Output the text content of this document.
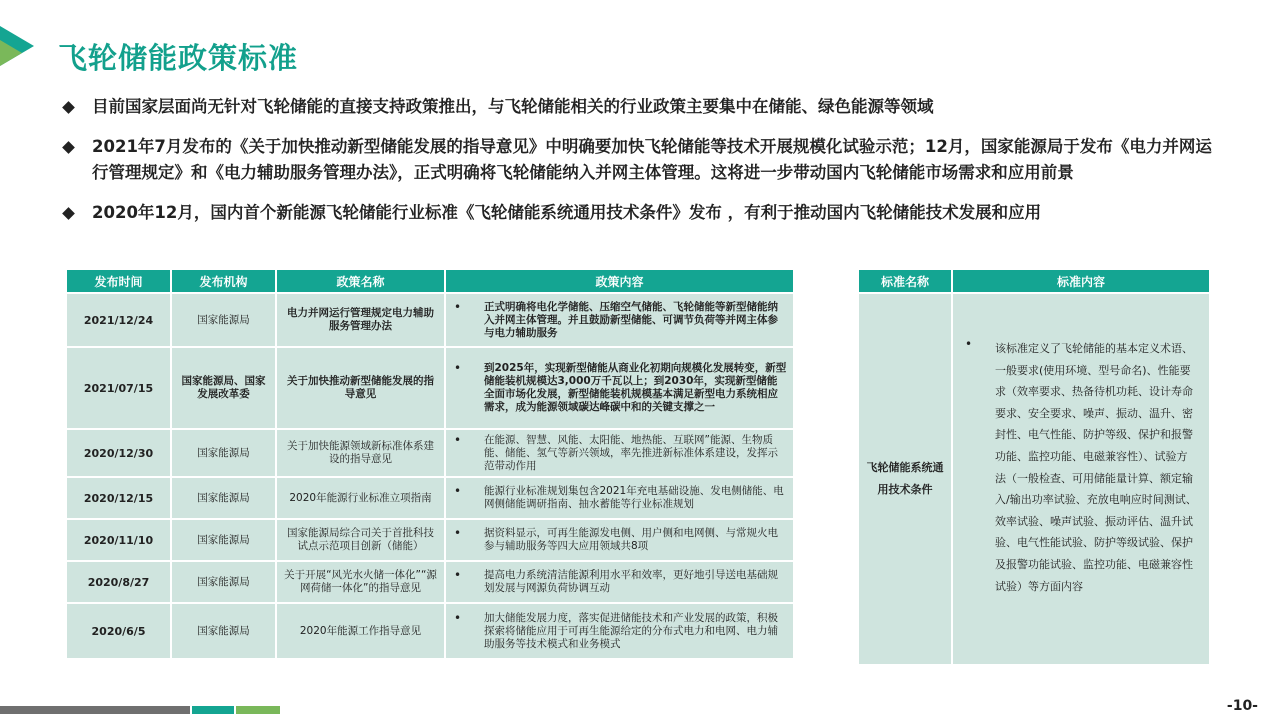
飞轮储能政策标准
目前国家层面尚无针对飞轮储能的直接支持政策推出，与飞轮储能相关的行业政策主要集中在储能、绿色能源等领域
2021年7月发布的《关于加快推动新型储能发展的指导意见》中明确要加快飞轮储能等技术开展规模化试验示范；12月，国家能源局于发布《电力并网运行管理规定》和《电力辅助服务管理办法》，正式明确将飞轮储能纳入并网主体管理。这将进一步带动国内飞轮储能市场需求和应用前景
2020年12月，国内首个新能源飞轮储能行业标准《飞轮储能系统通用技术条件》发布 ，有利于推动国内飞轮储能技术发展和应用
发布时间	发布机构	政策名称	政策内容
2021/12/24	国家能源局	电力并网运行管理规定电力辅助服务管理办法	• 正式明确将电化学储能、压缩空气储能、飞轮储能等新型储能纳入并网主体管理。并且鼓励新型储能、可调节负荷等并网主体参与电力辅助服务

2021/07/15	国家能源局、国家发展改革委	关于加快推动新型储能发展的指导意见	• 到2025年，实现新型储能从商业化初期向规模化发展转变，新型储能装机规模达3,000万千瓦以上；到2030年，实现新型储能全面市场化发展，新型储能装机规模基本满足新型电力系统相应需求，成为能源领域碳达峰碳中和的关键支撑之一

2020/12/30	国家能源局	关于加快能源领域新标准体系建设的指导意见	• 在能源、智慧、风能、太阳能、地热能、互联网”能源、生物质能、储能、氢气等新兴领域，率先推进新标准体系建设，发挥示范带动作用

2020/12/15	国家能源局	2020年能源行业标准立项指南	• 能源行业标准规划集包含2021年充电基础设施、发电侧储能、电网侧储能调研指南、抽水蓄能等行业标准规划

2020/11/10	国家能源局	国家能源局综合司关于首批科技试点示范项目创新（储能）	• 据资料显示，可再生能源发电侧、用户侧和电网侧、与常规火电参与辅助服务等四大应用领域共8项

2020/8/27	国家能源局	关于开展“风光水火储一体化”“源网荷储一体化”的指导意见	• 提高电力系统清洁能源利用水平和效率，更好地引导送电基础规划发展与网源负荷协调互动

2020/6/5	国家能源局	2020年能源工作指导意见	• 加大储能发展力度，落实促进储能技术和产业发展的政策，积极探索将储能应用于可再生能源给定的分布式电力和电网、电力辅助服务等技术模式和业务模式
标准名称	标准内容
飞轮储能系统通用技术条件	• 该标准定义了飞轮储能的基本定义术语、一般要求(使用环境、型号命名)、性能要求（效率要求、热备待机功耗、设计寿命要求、安全要求、噪声、振动、温升、密封性、电气性能、防护等级、保护和报警功能、监控功能、电磁兼容性）、试验方法（一般检查、可用储能量计算、额定输入/输出功率试验、充放电响应时间测试、效率试验、噪声试验、振动评估、温升试验、电气性能试验、防护等级试验、保护及报警功能试验、监控功能、电磁兼容性试验）等方面内容
-10-
